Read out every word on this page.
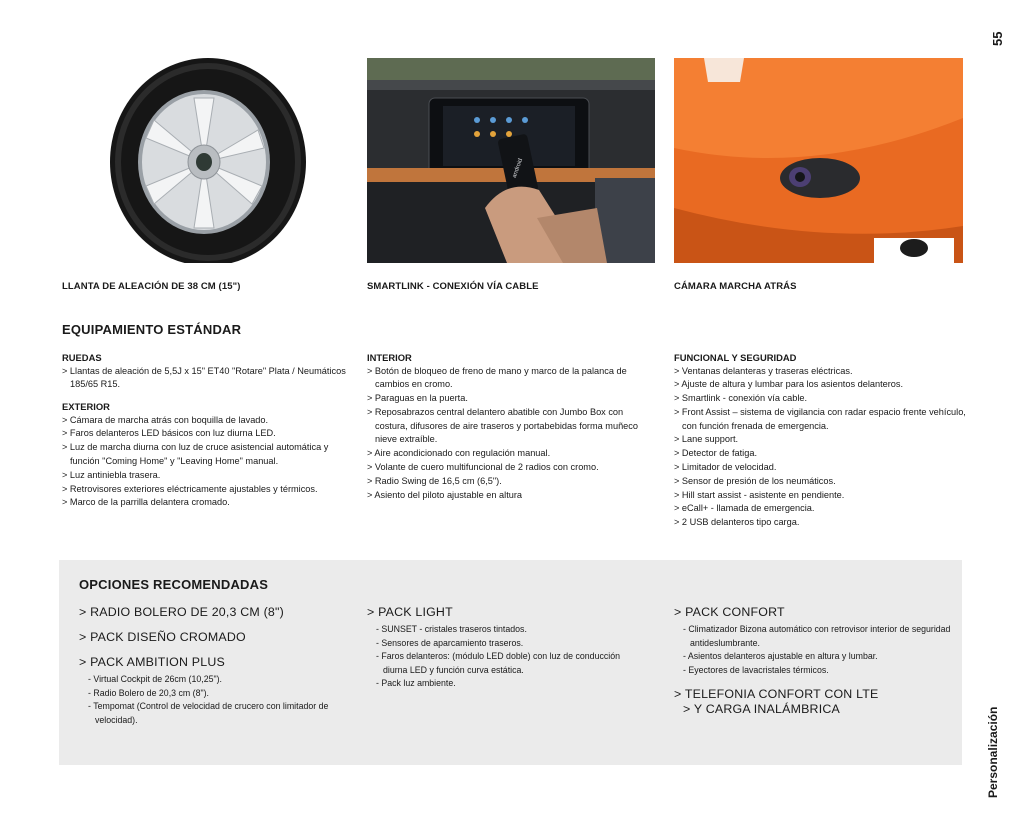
55
Personalización
android
LLANTA DE ALEACIÓN DE 38 CM (15")	SMARTLINK - CONEXIÓN VÍA CABLE	CÁMARA MARCHA ATRÁS
EQUIPAMIENTO ESTÁNDAR
RUEDAS
> Llantas de aleación de 5,5J x 15" ET40 "Rotare" Plata / Neumáticos 185/65 R15.
EXTERIOR
> Cámara de marcha atrás con boquilla de lavado.
> Faros delanteros LED básicos con luz diurna LED.
> Luz de marcha diurna con luz de cruce asistencial automática y función "Coming Home" y "Leaving Home" manual.
> Luz antiniebla trasera.
> Retrovisores exteriores eléctricamente ajustables y térmicos.
> Marco de la parrilla delantera cromado.
INTERIOR
> Botón de bloqueo de freno de mano y marco de la palanca de cambios en cromo.
> Paraguas en la puerta.
> Reposabrazos central delantero abatible con Jumbo Box con costura, difusores de aire traseros y portabebidas forma muñeco nieve extraíble.
> Aire acondicionado con regulación manual.
> Volante de cuero multifuncional de 2 radios con cromo.
> Radio Swing de 16,5 cm (6,5").
> Asiento del piloto ajustable en altura
FUNCIONAL Y SEGURIDAD
> Ventanas delanteras y traseras eléctricas.
> Ajuste de altura y lumbar para los asientos delanteros.
> Smartlink - conexión vía cable.
> Front Assist – sistema de vigilancia con radar espacio frente vehículo, con función frenada de emergencia.
> Lane support.
> Detector de fatiga.
> Limitador de velocidad.
> Sensor de presión de los neumáticos.
> Hill start assist - asistente en pendiente.
> eCall+ - llamada de emergencia.
> 2 USB delanteros tipo carga.
OPCIONES RECOMENDADAS
> RADIO BOLERO DE 20,3 CM (8")
> PACK DISEÑO CROMADO
> PACK AMBITION PLUS
- Virtual Cockpit de 26cm (10,25").
- Radio Bolero de 20,3 cm (8").
- Tempomat (Control de velocidad de crucero con limitador de velocidad).
> PACK LIGHT
- SUNSET - cristales traseros tintados.
- Sensores de aparcamiento traseros.
- Faros delanteros: (módulo LED doble) con luz de conducción diurna LED y función curva estática.
- Pack luz ambiente.
> PACK CONFORT
- Climatizador Bizona automático con retrovisor interior de seguridad antideslumbrante.
- Asientos delanteros ajustable en altura y lumbar.
- Eyectores de lavacristales térmicos.
> TELEFONIA CONFORT CON LTE
> Y CARGA INALÁMBRICA
